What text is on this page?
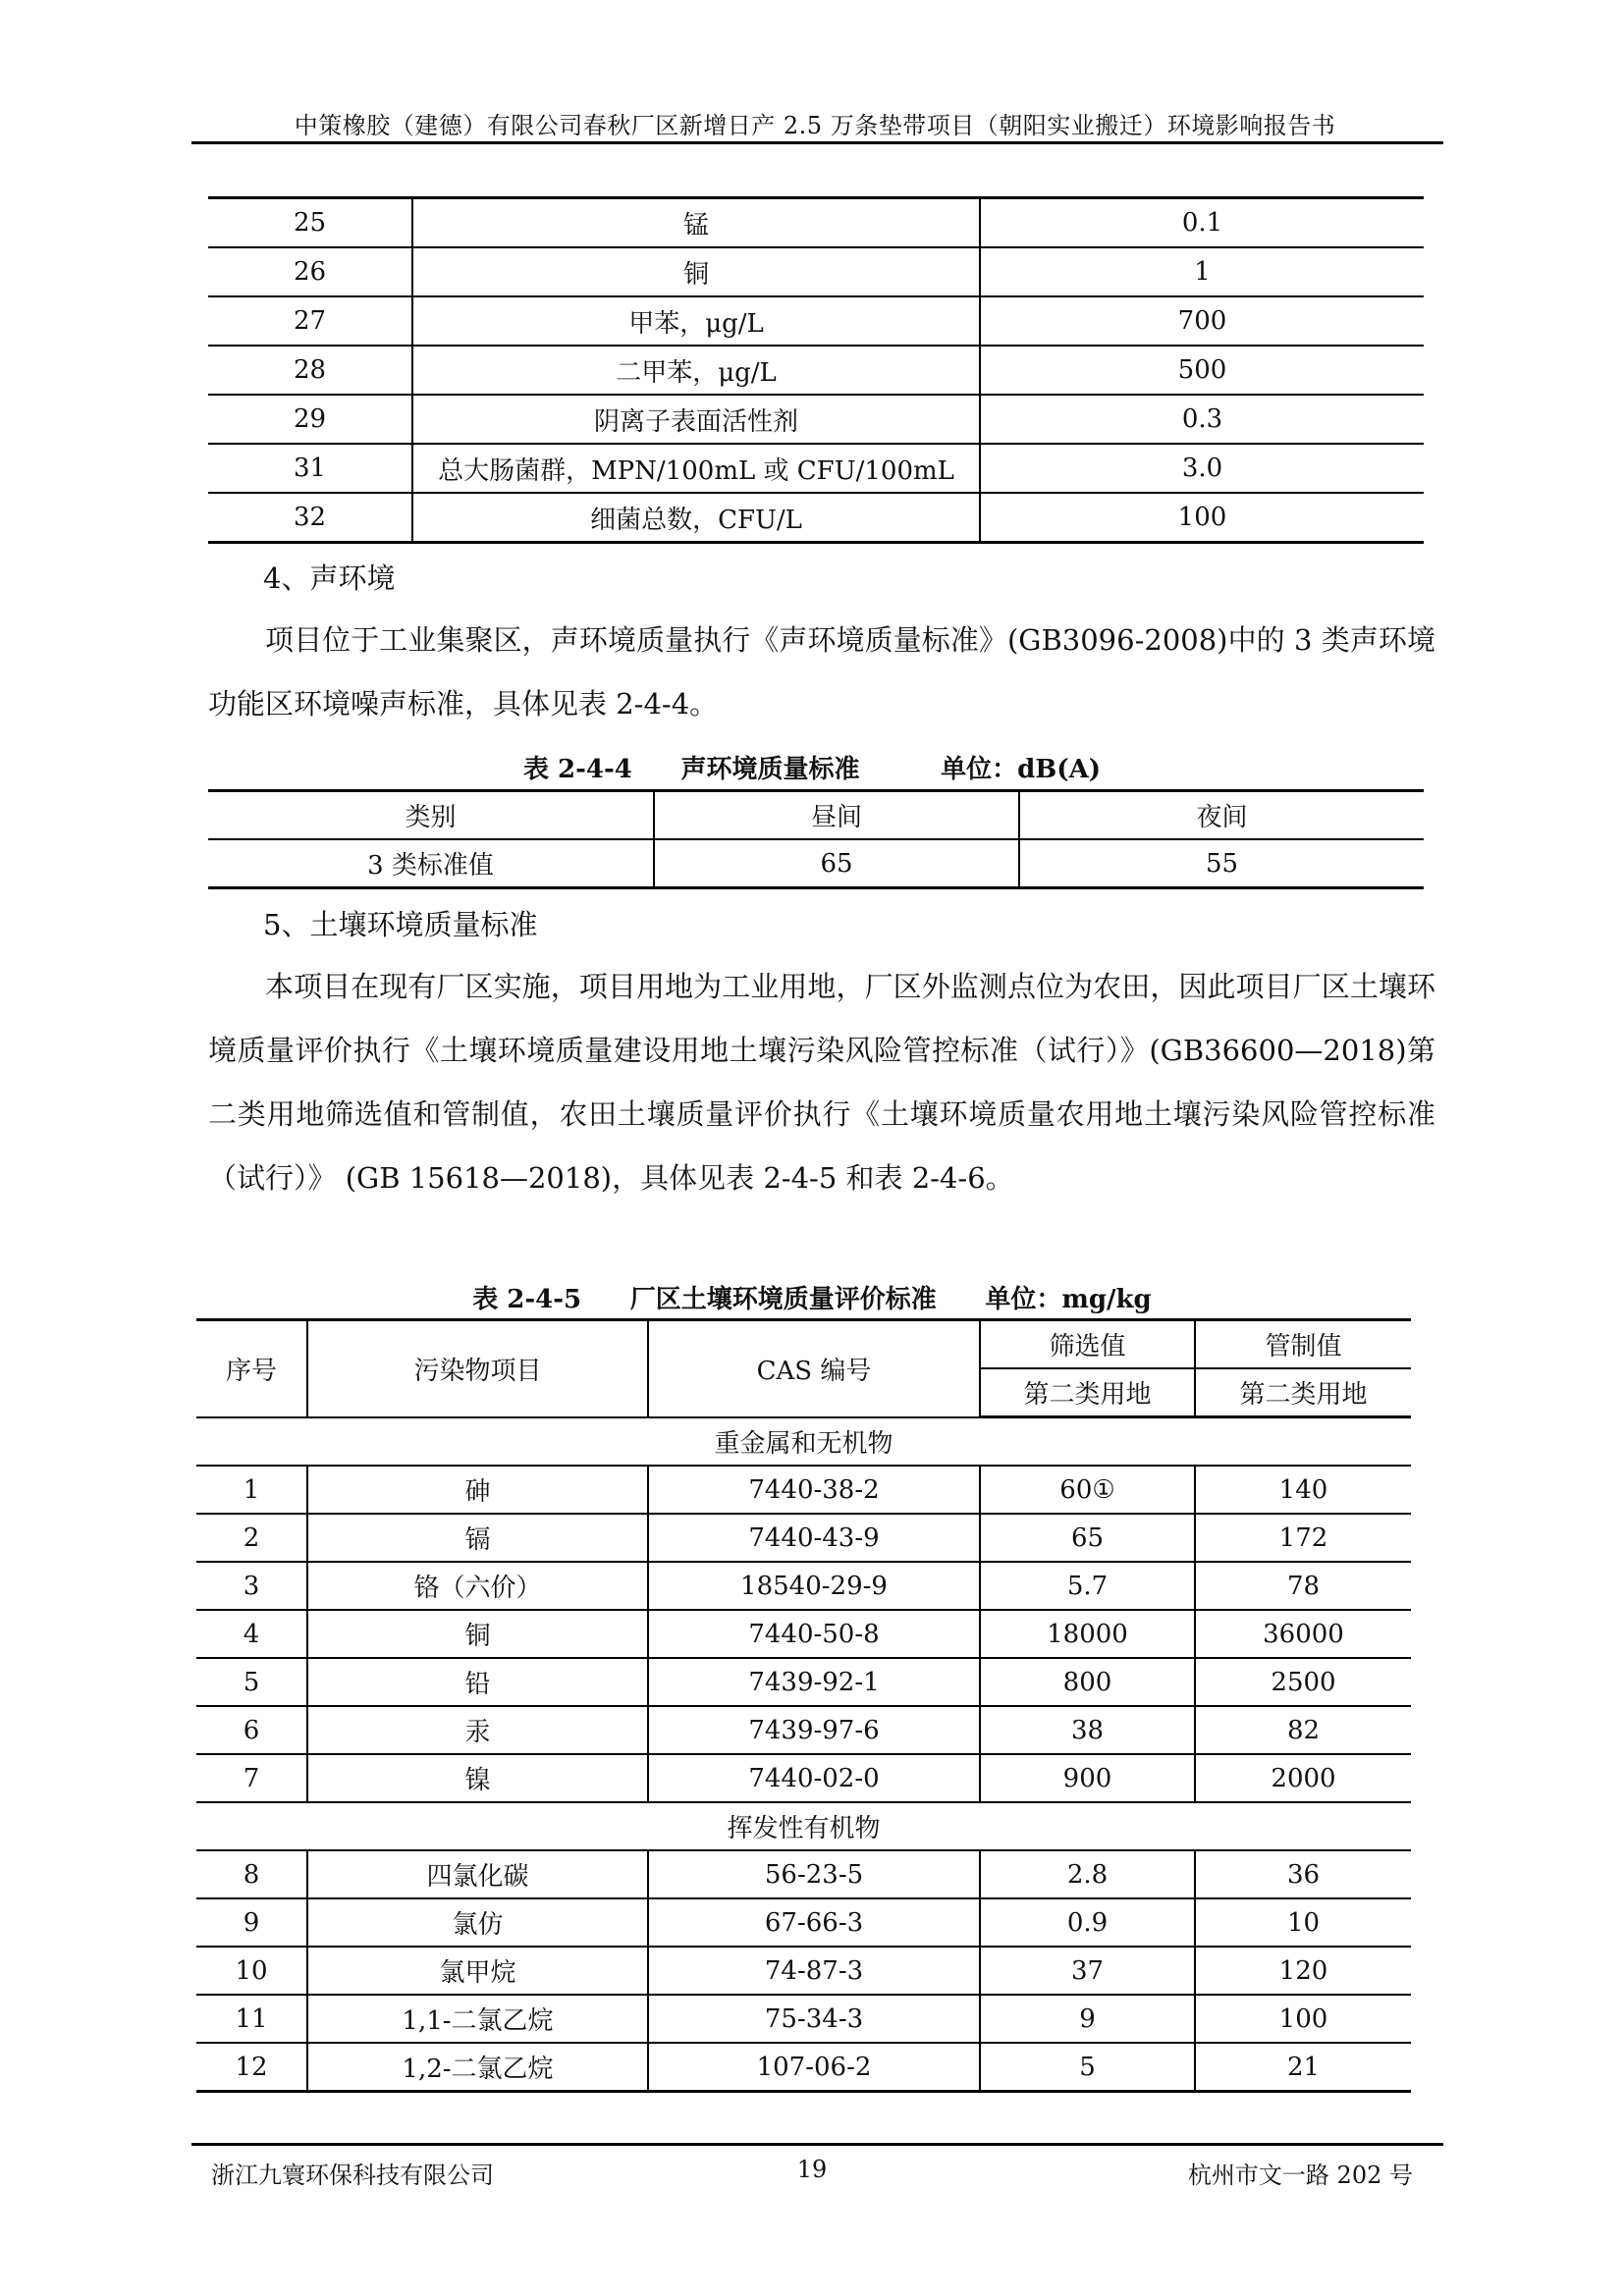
中策橡胶（建德）有限公司春秋厂区新增日产 2.5 万条垫带项目（朝阳实业搬迁）环境影响报告书
25	锰	0.1
26	铜	1
27	甲苯，μg/L	700
28	二甲苯，μg/L	500
29	阴离子表面活性剂	0.3
31	总大肠菌群，MPN/100mL 或 CFU/100mL	3.0
32	细菌总数，CFU/L	100
4、声环境
项目位于工业集聚区，声环境质量执行《声环境质量标准》(GB3096-2008)中的 3 类声环境功能区环境噪声标准，具体见表 2-4-4。
表 2-4-4 声环境质量标准	单位：dB(A)
类别	昼间	夜间
3 类标准值	65	55
5、土壤环境质量标准
本项目在现有厂区实施，项目用地为工业用地，厂区外监测点位为农田，因此项目厂区土壤环境质量评价执行《土壤环境质量建设用地土壤污染风险管控标准（试行）》(GB36600—2018)第二类用地筛选值和管制值，农田土壤质量评价执行《土壤环境质量农用地土壤污染风险管控标准（试行）》 (GB 15618—2018)，具体见表 2-4-5 和表 2-4-6。
表 2-4-5 厂区土壤环境质量评价标准 单位：mg/kg
序号	污染物项目	CAS 编号	筛选值	管制值
			第二类用地	第二类用地
重金属和无机物				
1	砷	7440-38-2	60①	140
2	镉	7440-43-9	65	172
3	铬（六价）	18540-29-9	5.7	78
4	铜	7440-50-8	18000	36000
5	铅	7439-92-1	800	2500
6	汞	7439-97-6	38	82
7	镍	7440-02-0	900	2000
挥发性有机物				
8	四氯化碳	56-23-5	2.8	36
9	氯仿	67-66-3	0.9	10
10	氯甲烷	74-87-3	37	120
11	1,1-二氯乙烷	75-34-3	9	100
12	1,2-二氯乙烷	107-06-2	5	21
浙江九寰环保科技有限公司	19	杭州市文一路 202 号
